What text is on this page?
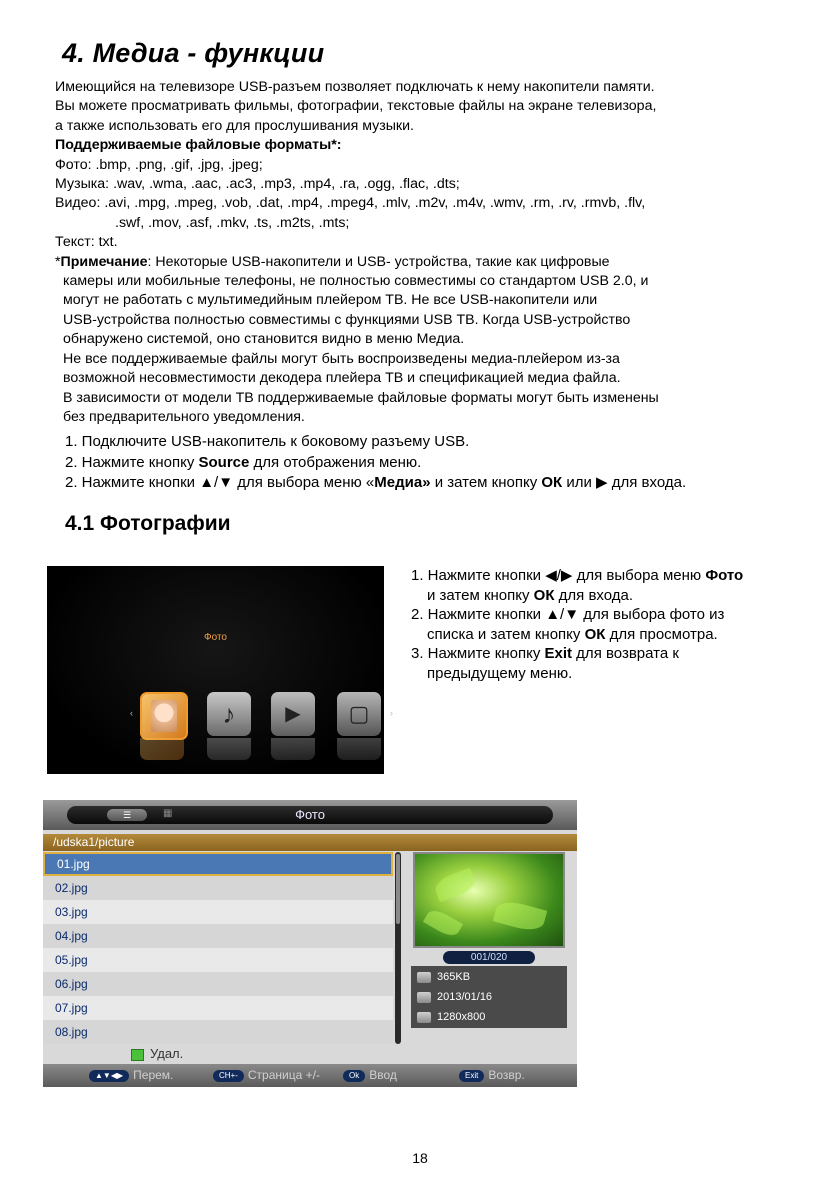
4. Медиа - функции

Имеющийся на телевизоре USB-разъем позволяет подключать к нему накопители памяти.

Вы можете просматривать фильмы, фотографии, текстовые файлы на экране телевизора,

а также использовать его для прослушивания музыки.

Поддерживаемые файловые форматы*:

Фото: .bmp, .png, .gif, .jpg, .jpeg;

Музыка: .wav, .wma, .aac, .ac3, .mp3, .mp4, .ra, .ogg, .flac, .dts;

Видео: .avi, .mpg, .mpeg, .vob, .dat, .mp4, .mpeg4, .mlv, .m2v, .m4v, .wmv, .rm, .rv, .rmvb, .flv,

.swf, .mov, .asf, .mkv, .ts, .m2ts, .mts;

Текст: txt.

*Примечание: Некоторые USB-накопители и USB- устройства, такие как цифровые

камеры или мобильные телефоны, не полностью совместимы со стандартом USB 2.0, и

могут не работать с мультимедийным плейером ТВ. Не все USB-накопители или

USB-устройства полностью совместимы с функциями USB ТВ. Когда USB-устройство

обнаружено системой, оно становится видно в меню Медиа.

Не все поддерживаемые файлы могут быть воспроизведены медиа-плейером из-за

возможной несовместимости декодера плейера ТВ и спецификацией медиа файла.

В зависимости от модели ТВ поддерживаемые файловые форматы могут быть изменены

без предварительного уведомления.

1. Подключите USB-накопитель к боковому разъему USB.

2. Нажмите кнопку Source для отображения меню.

2. Нажмите кнопки ▲/▼ для выбора меню «Медиа» и затем кнопку ОК или ▶ для входа.

4.1 Фотографии
Фото
‹	♪	▶	▢	›

1. Нажмите кнопки ◀/▶ для выбора меню Фото

и затем кнопку ОК для входа.

2. Нажмите кнопки ▲/▼ для выбора фото из

списка и затем кнопку ОК для просмотра.

3. Нажмите кнопку Exit для возврата к

предыдущему меню.

☰	▦	Фото
/udska1/picture
01.jpg
02.jpg
03.jpg
04.jpg
05.jpg
06.jpg
07.jpg
08.jpg
001/020
365KB
2013/01/16
1280x800
Удал.
▲▼◀▶ Перем.	CH+- Страница +/-	Ok Ввод	Exit Возвр.
18
